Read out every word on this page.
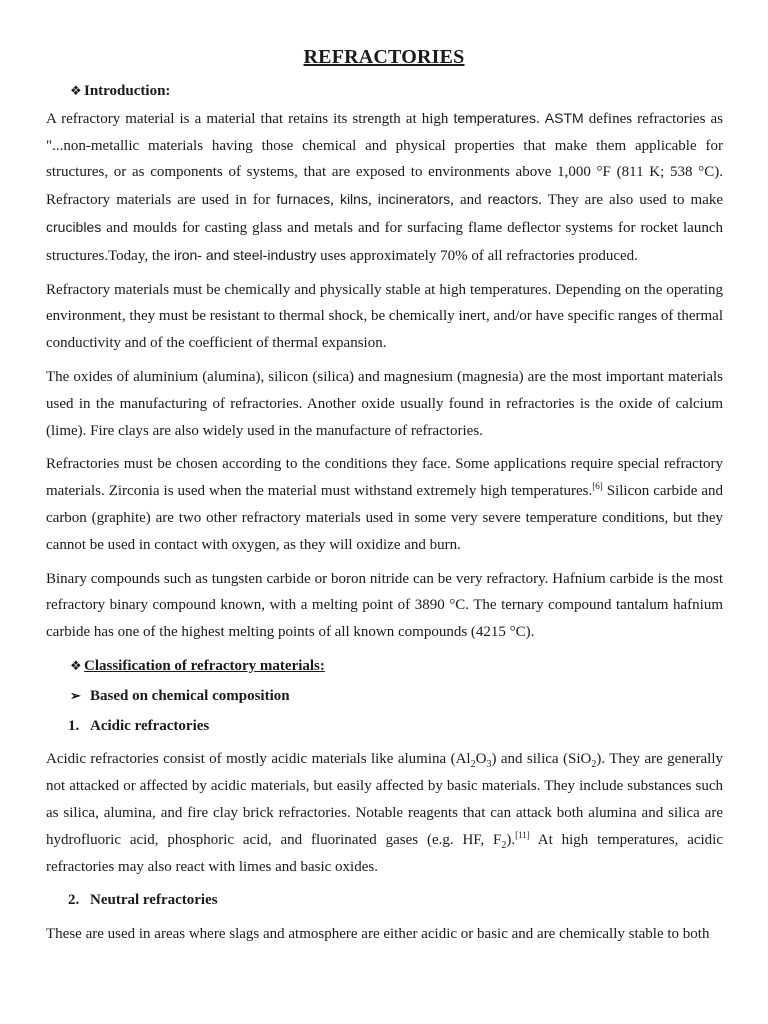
REFRACTORIES

❖ Introduction:

A refractory material is a material that retains its strength at high temperatures. ASTM defines refractories as "...non-metallic materials having those chemical and physical properties that make them applicable for structures, or as components of systems, that are exposed to environments above 1,000 °F (811 K; 538 °C). Refractory materials are used in for furnaces, kilns, incinerators, and reactors. They are also used to make crucibles and moulds for casting glass and metals and for surfacing flame deflector systems for rocket launch structures.Today, the iron- and steel-industry uses approximately 70% of all refractories produced.

Refractory materials must be chemically and physically stable at high temperatures. Depending on the operating environment, they must be resistant to thermal shock, be chemically inert, and/or have specific ranges of thermal conductivity and of the coefficient of thermal expansion.

The oxides of aluminium (alumina), silicon (silica) and magnesium (magnesia) are the most important materials used in the manufacturing of refractories. Another oxide usually found in refractories is the oxide of calcium (lime). Fire clays are also widely used in the manufacture of refractories.

Refractories must be chosen according to the conditions they face. Some applications require special refractory materials. Zirconia is used when the material must withstand extremely high temperatures.[6] Silicon carbide and carbon (graphite) are two other refractory materials used in some very severe temperature conditions, but they cannot be used in contact with oxygen, as they will oxidize and burn.

Binary compounds such as tungsten carbide or boron nitride can be very refractory. Hafnium carbide is the most refractory binary compound known, with a melting point of 3890 °C. The ternary compound tantalum hafnium carbide has one of the highest melting points of all known compounds (4215 °C).

❖ Classification of refractory materials:

➢ Based on chemical composition

1. Acidic refractories

Acidic refractories consist of mostly acidic materials like alumina $(Al_2O_3)$ and silica (SiO$_2$). They are generally not attacked or affected by acidic materials, but easily affected by basic materials. They include substances such as silica, alumina, and fire clay brick refractories. Notable reagents that can attack both alumina and silica are hydrofluoric acid, phosphoric acid, and fluorinated gases (e.g. HF, $F_2).[11]$ At high temperatures, acidic refractories may also react with limes and basic oxides.

2. Neutral refractories

These are used in areas where slags and atmosphere are either acidic or basic and are chemically stable to both
